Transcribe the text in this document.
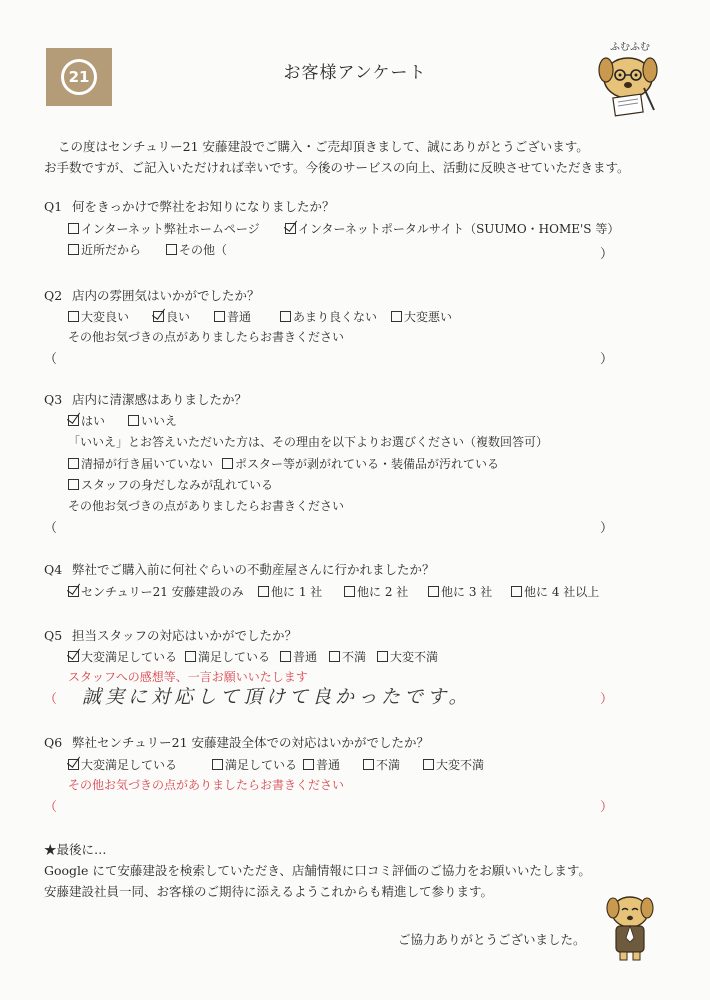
21	お客様アンケート
ふむふむ
この度はセンチュリー21 安藤建設でご購入・ご売却頂きまして、誠にありがとうございます。
お手数ですが、ご記入いただければ幸いです。今後のサービスの向上、活動に反映させていただきます。
Q1 何をきっかけで弊社をお知りになりましたか？
インターネット弊社ホームページ	インターネットポータルサイト（SUUMO・HOME'S 等）
近所だから	その他（	）
Q2 店内の雰囲気はいかがでしたか？
大変良い	良い	普通	あまり良くない	大変悪い
その他お気づきの点がありましたらお書きください
（	）
Q3 店内に清潔感はありましたか？
はい	いいえ
「いいえ」とお答えいただいた方は、その理由を以下よりお選びください（複数回答可）
清掃が行き届いていない	ポスター等が剥がれている・装備品が汚れている
スタッフの身だしなみが乱れている
その他お気づきの点がありましたらお書きください
（	）
Q4 弊社でご購入前に何社ぐらいの不動産屋さんに行かれましたか？
センチュリー21 安藤建設のみ	他に 1 社	他に 2 社	他に 3 社	他に 4 社以上
Q5 担当スタッフの対応はいかがでしたか？
大変満足している	満足している	普通	不満	大変不満
スタッフへの感想等、一言お願いいたします
（ 誠実に対応して頂けて良かったです。	）
Q6 弊社センチュリー21 安藤建設全体での対応はいかがでしたか？
大変満足している	満足している	普通	不満	大変不満
その他お気づきの点がありましたらお書きください
（	）
★最後に…
Google にて安藤建設を検索していただき、店舗情報に口コミ評価のご協力をお願いいたします。
安藤建設社員一同、お客様のご期待に添えるようこれからも精進して参ります。
ご協力ありがとうございました。
